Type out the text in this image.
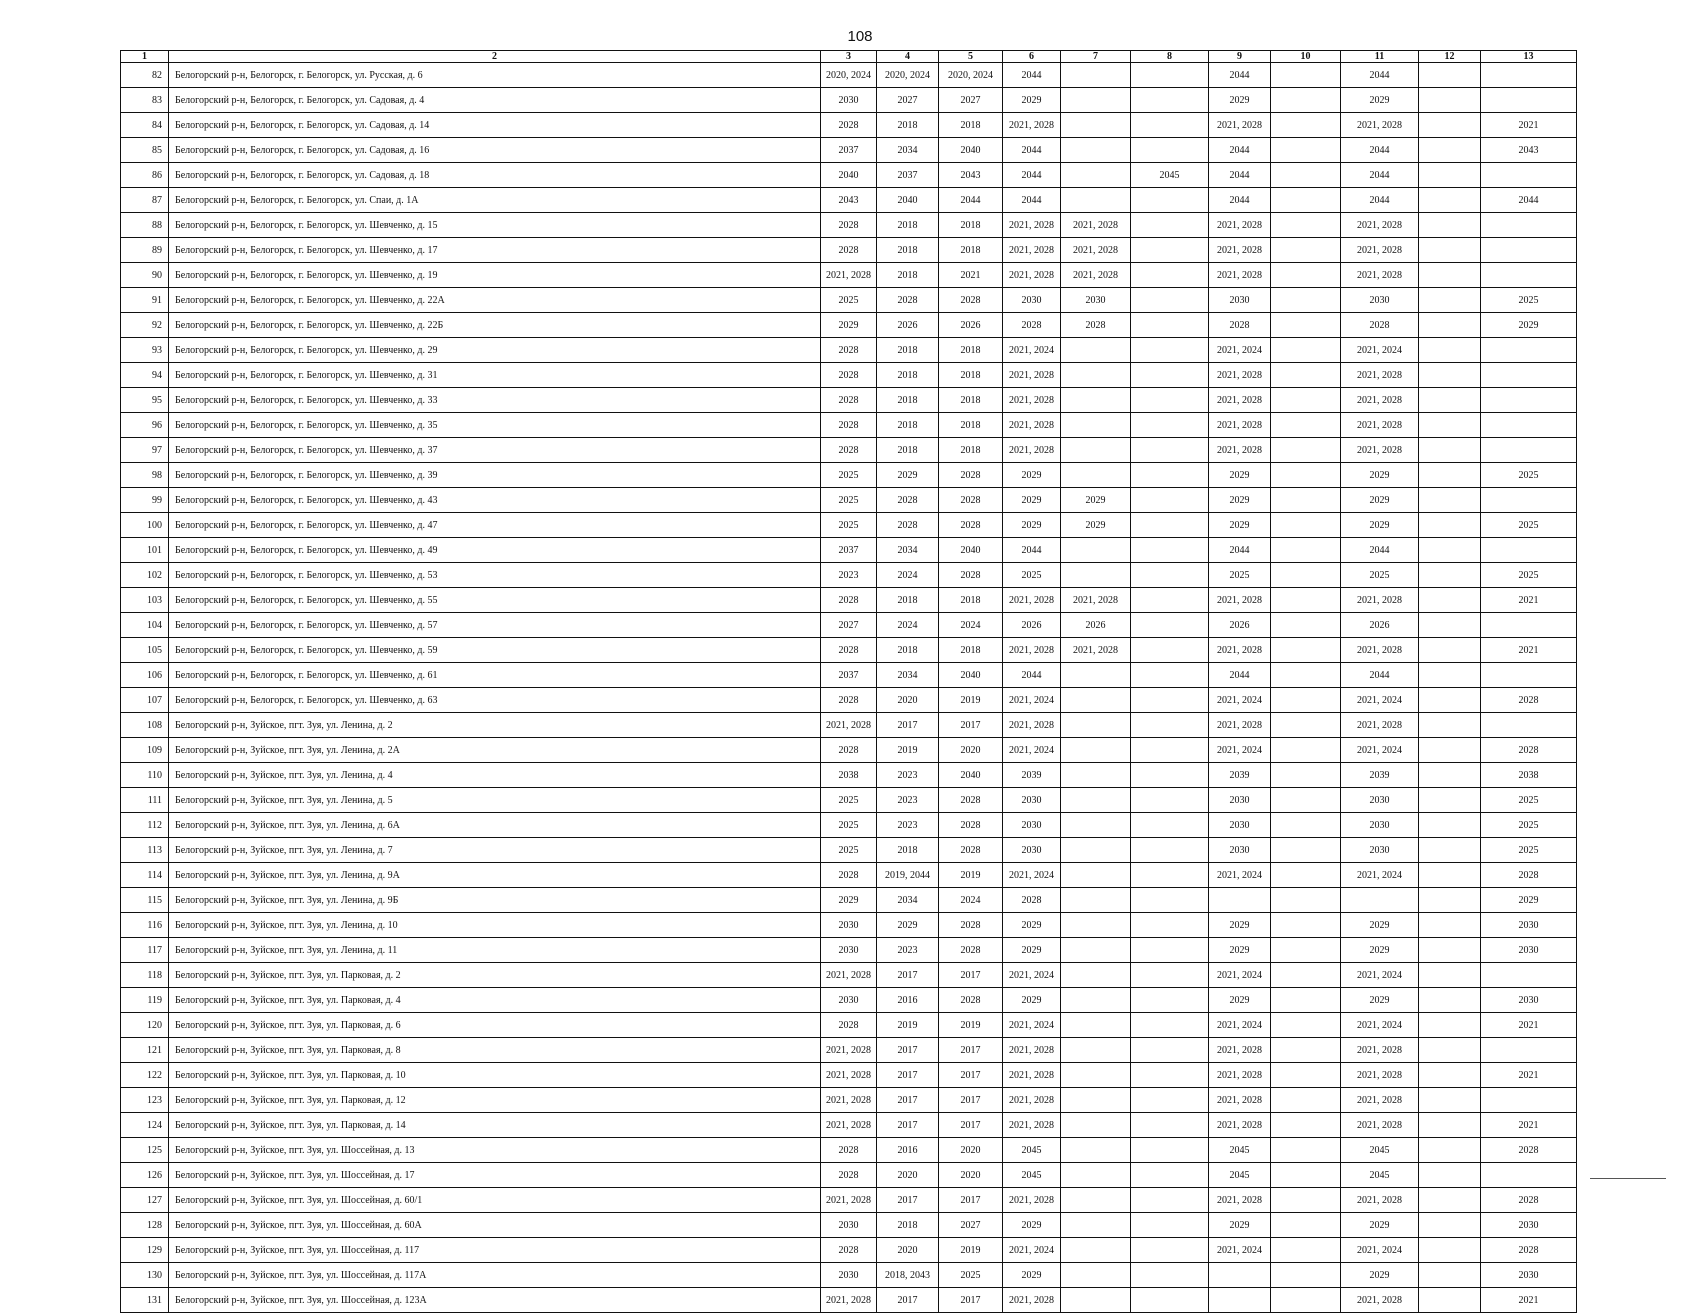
108
1	2	3	4	5	6	7	8	9	10	11	12	13
82	Белогорский р-н, Белогорск, г. Белогорск, ул. Русская, д. 6	2020, 2024	2020, 2024	2020, 2024	2044			2044		2044		
83	Белогорский р-н, Белогорск, г. Белогорск, ул. Садовая, д. 4	2030	2027	2027	2029			2029		2029		
84	Белогорский р-н, Белогорск, г. Белогорск, ул. Садовая, д. 14	2028	2018	2018	2021, 2028			2021, 2028		2021, 2028		2021
85	Белогорский р-н, Белогорск, г. Белогорск, ул. Садовая, д. 16	2037	2034	2040	2044			2044		2044		2043
86	Белогорский р-н, Белогорск, г. Белогорск, ул. Садовая, д. 18	2040	2037	2043	2044		2045	2044		2044		
87	Белогорский р-н, Белогорск, г. Белогорск, ул. Спаи, д. 1А	2043	2040	2044	2044			2044		2044		2044
88	Белогорский р-н, Белогорск, г. Белогорск, ул. Шевченко, д. 15	2028	2018	2018	2021, 2028	2021, 2028		2021, 2028		2021, 2028		
89	Белогорский р-н, Белогорск, г. Белогорск, ул. Шевченко, д. 17	2028	2018	2018	2021, 2028	2021, 2028		2021, 2028		2021, 2028		
90	Белогорский р-н, Белогорск, г. Белогорск, ул. Шевченко, д. 19	2021, 2028	2018	2021	2021, 2028	2021, 2028		2021, 2028		2021, 2028		
91	Белогорский р-н, Белогорск, г. Белогорск, ул. Шевченко, д. 22А	2025	2028	2028	2030	2030		2030		2030		2025
92	Белогорский р-н, Белогорск, г. Белогорск, ул. Шевченко, д. 22Б	2029	2026	2026	2028	2028		2028		2028		2029
93	Белогорский р-н, Белогорск, г. Белогорск, ул. Шевченко, д. 29	2028	2018	2018	2021, 2024			2021, 2024		2021, 2024		
94	Белогорский р-н, Белогорск, г. Белогорск, ул. Шевченко, д. 31	2028	2018	2018	2021, 2028			2021, 2028		2021, 2028		
95	Белогорский р-н, Белогорск, г. Белогорск, ул. Шевченко, д. 33	2028	2018	2018	2021, 2028			2021, 2028		2021, 2028		
96	Белогорский р-н, Белогорск, г. Белогорск, ул. Шевченко, д. 35	2028	2018	2018	2021, 2028			2021, 2028		2021, 2028		
97	Белогорский р-н, Белогорск, г. Белогорск, ул. Шевченко, д. 37	2028	2018	2018	2021, 2028			2021, 2028		2021, 2028		
98	Белогорский р-н, Белогорск, г. Белогорск, ул. Шевченко, д. 39	2025	2029	2028	2029			2029		2029		2025
99	Белогорский р-н, Белогорск, г. Белогорск, ул. Шевченко, д. 43	2025	2028	2028	2029	2029		2029		2029		
100	Белогорский р-н, Белогорск, г. Белогорск, ул. Шевченко, д. 47	2025	2028	2028	2029	2029		2029		2029		2025
101	Белогорский р-н, Белогорск, г. Белогорск, ул. Шевченко, д. 49	2037	2034	2040	2044			2044		2044		
102	Белогорский р-н, Белогорск, г. Белогорск, ул. Шевченко, д. 53	2023	2024	2028	2025			2025		2025		2025
103	Белогорский р-н, Белогорск, г. Белогорск, ул. Шевченко, д. 55	2028	2018	2018	2021, 2028	2021, 2028		2021, 2028		2021, 2028		2021
104	Белогорский р-н, Белогорск, г. Белогорск, ул. Шевченко, д. 57	2027	2024	2024	2026	2026		2026		2026		
105	Белогорский р-н, Белогорск, г. Белогорск, ул. Шевченко, д. 59	2028	2018	2018	2021, 2028	2021, 2028		2021, 2028		2021, 2028		2021
106	Белогорский р-н, Белогорск, г. Белогорск, ул. Шевченко, д. 61	2037	2034	2040	2044			2044		2044		
107	Белогорский р-н, Белогорск, г. Белогорск, ул. Шевченко, д. 63	2028	2020	2019	2021, 2024			2021, 2024		2021, 2024		2028
108	Белогорский р-н, Зуйское, пгт. Зуя, ул. Ленина, д. 2	2021, 2028	2017	2017	2021, 2028			2021, 2028		2021, 2028		
109	Белогорский р-н, Зуйское, пгт. Зуя, ул. Ленина, д. 2А	2028	2019	2020	2021, 2024			2021, 2024		2021, 2024		2028
110	Белогорский р-н, Зуйское, пгт. Зуя, ул. Ленина, д. 4	2038	2023	2040	2039			2039		2039		2038
111	Белогорский р-н, Зуйское, пгт. Зуя, ул. Ленина, д. 5	2025	2023	2028	2030			2030		2030		2025
112	Белогорский р-н, Зуйское, пгт. Зуя, ул. Ленина, д. 6А	2025	2023	2028	2030			2030		2030		2025
113	Белогорский р-н, Зуйское, пгт. Зуя, ул. Ленина, д. 7	2025	2018	2028	2030			2030		2030		2025
114	Белогорский р-н, Зуйское, пгт. Зуя, ул. Ленина, д. 9А	2028	2019, 2044	2019	2021, 2024			2021, 2024		2021, 2024		2028
115	Белогорский р-н, Зуйское, пгт. Зуя, ул. Ленина, д. 9Б	2029	2034	2024	2028							2029
116	Белогорский р-н, Зуйское, пгт. Зуя, ул. Ленина, д. 10	2030	2029	2028	2029			2029		2029		2030
117	Белогорский р-н, Зуйское, пгт. Зуя, ул. Ленина, д. 11	2030	2023	2028	2029			2029		2029		2030
118	Белогорский р-н, Зуйское, пгт. Зуя, ул. Парковая, д. 2	2021, 2028	2017	2017	2021, 2024			2021, 2024		2021, 2024		
119	Белогорский р-н, Зуйское, пгт. Зуя, ул. Парковая, д. 4	2030	2016	2028	2029			2029		2029		2030
120	Белогорский р-н, Зуйское, пгт. Зуя, ул. Парковая, д. 6	2028	2019	2019	2021, 2024			2021, 2024		2021, 2024		2021
121	Белогорский р-н, Зуйское, пгт. Зуя, ул. Парковая, д. 8	2021, 2028	2017	2017	2021, 2028			2021, 2028		2021, 2028		
122	Белогорский р-н, Зуйское, пгт. Зуя, ул. Парковая, д. 10	2021, 2028	2017	2017	2021, 2028			2021, 2028		2021, 2028		2021
123	Белогорский р-н, Зуйское, пгт. Зуя, ул. Парковая, д. 12	2021, 2028	2017	2017	2021, 2028			2021, 2028		2021, 2028		
124	Белогорский р-н, Зуйское, пгт. Зуя, ул. Парковая, д. 14	2021, 2028	2017	2017	2021, 2028			2021, 2028		2021, 2028		2021
125	Белогорский р-н, Зуйское, пгт. Зуя, ул. Шоссейная, д. 13	2028	2016	2020	2045			2045		2045		2028
126	Белогорский р-н, Зуйское, пгт. Зуя, ул. Шоссейная, д. 17	2028	2020	2020	2045			2045		2045		
127	Белогорский р-н, Зуйское, пгт. Зуя, ул. Шоссейная, д. 60/1	2021, 2028	2017	2017	2021, 2028			2021, 2028		2021, 2028		2028
128	Белогорский р-н, Зуйское, пгт. Зуя, ул. Шоссейная, д. 60А	2030	2018	2027	2029			2029		2029		2030
129	Белогорский р-н, Зуйское, пгт. Зуя, ул. Шоссейная, д. 117	2028	2020	2019	2021, 2024			2021, 2024		2021, 2024		2028
130	Белогорский р-н, Зуйское, пгт. Зуя, ул. Шоссейная, д. 117А	2030	2018, 2043	2025	2029					2029		2030
131	Белогорский р-н, Зуйское, пгт. Зуя, ул. Шоссейная, д. 123А	2021, 2028	2017	2017	2021, 2028					2021, 2028		2021
